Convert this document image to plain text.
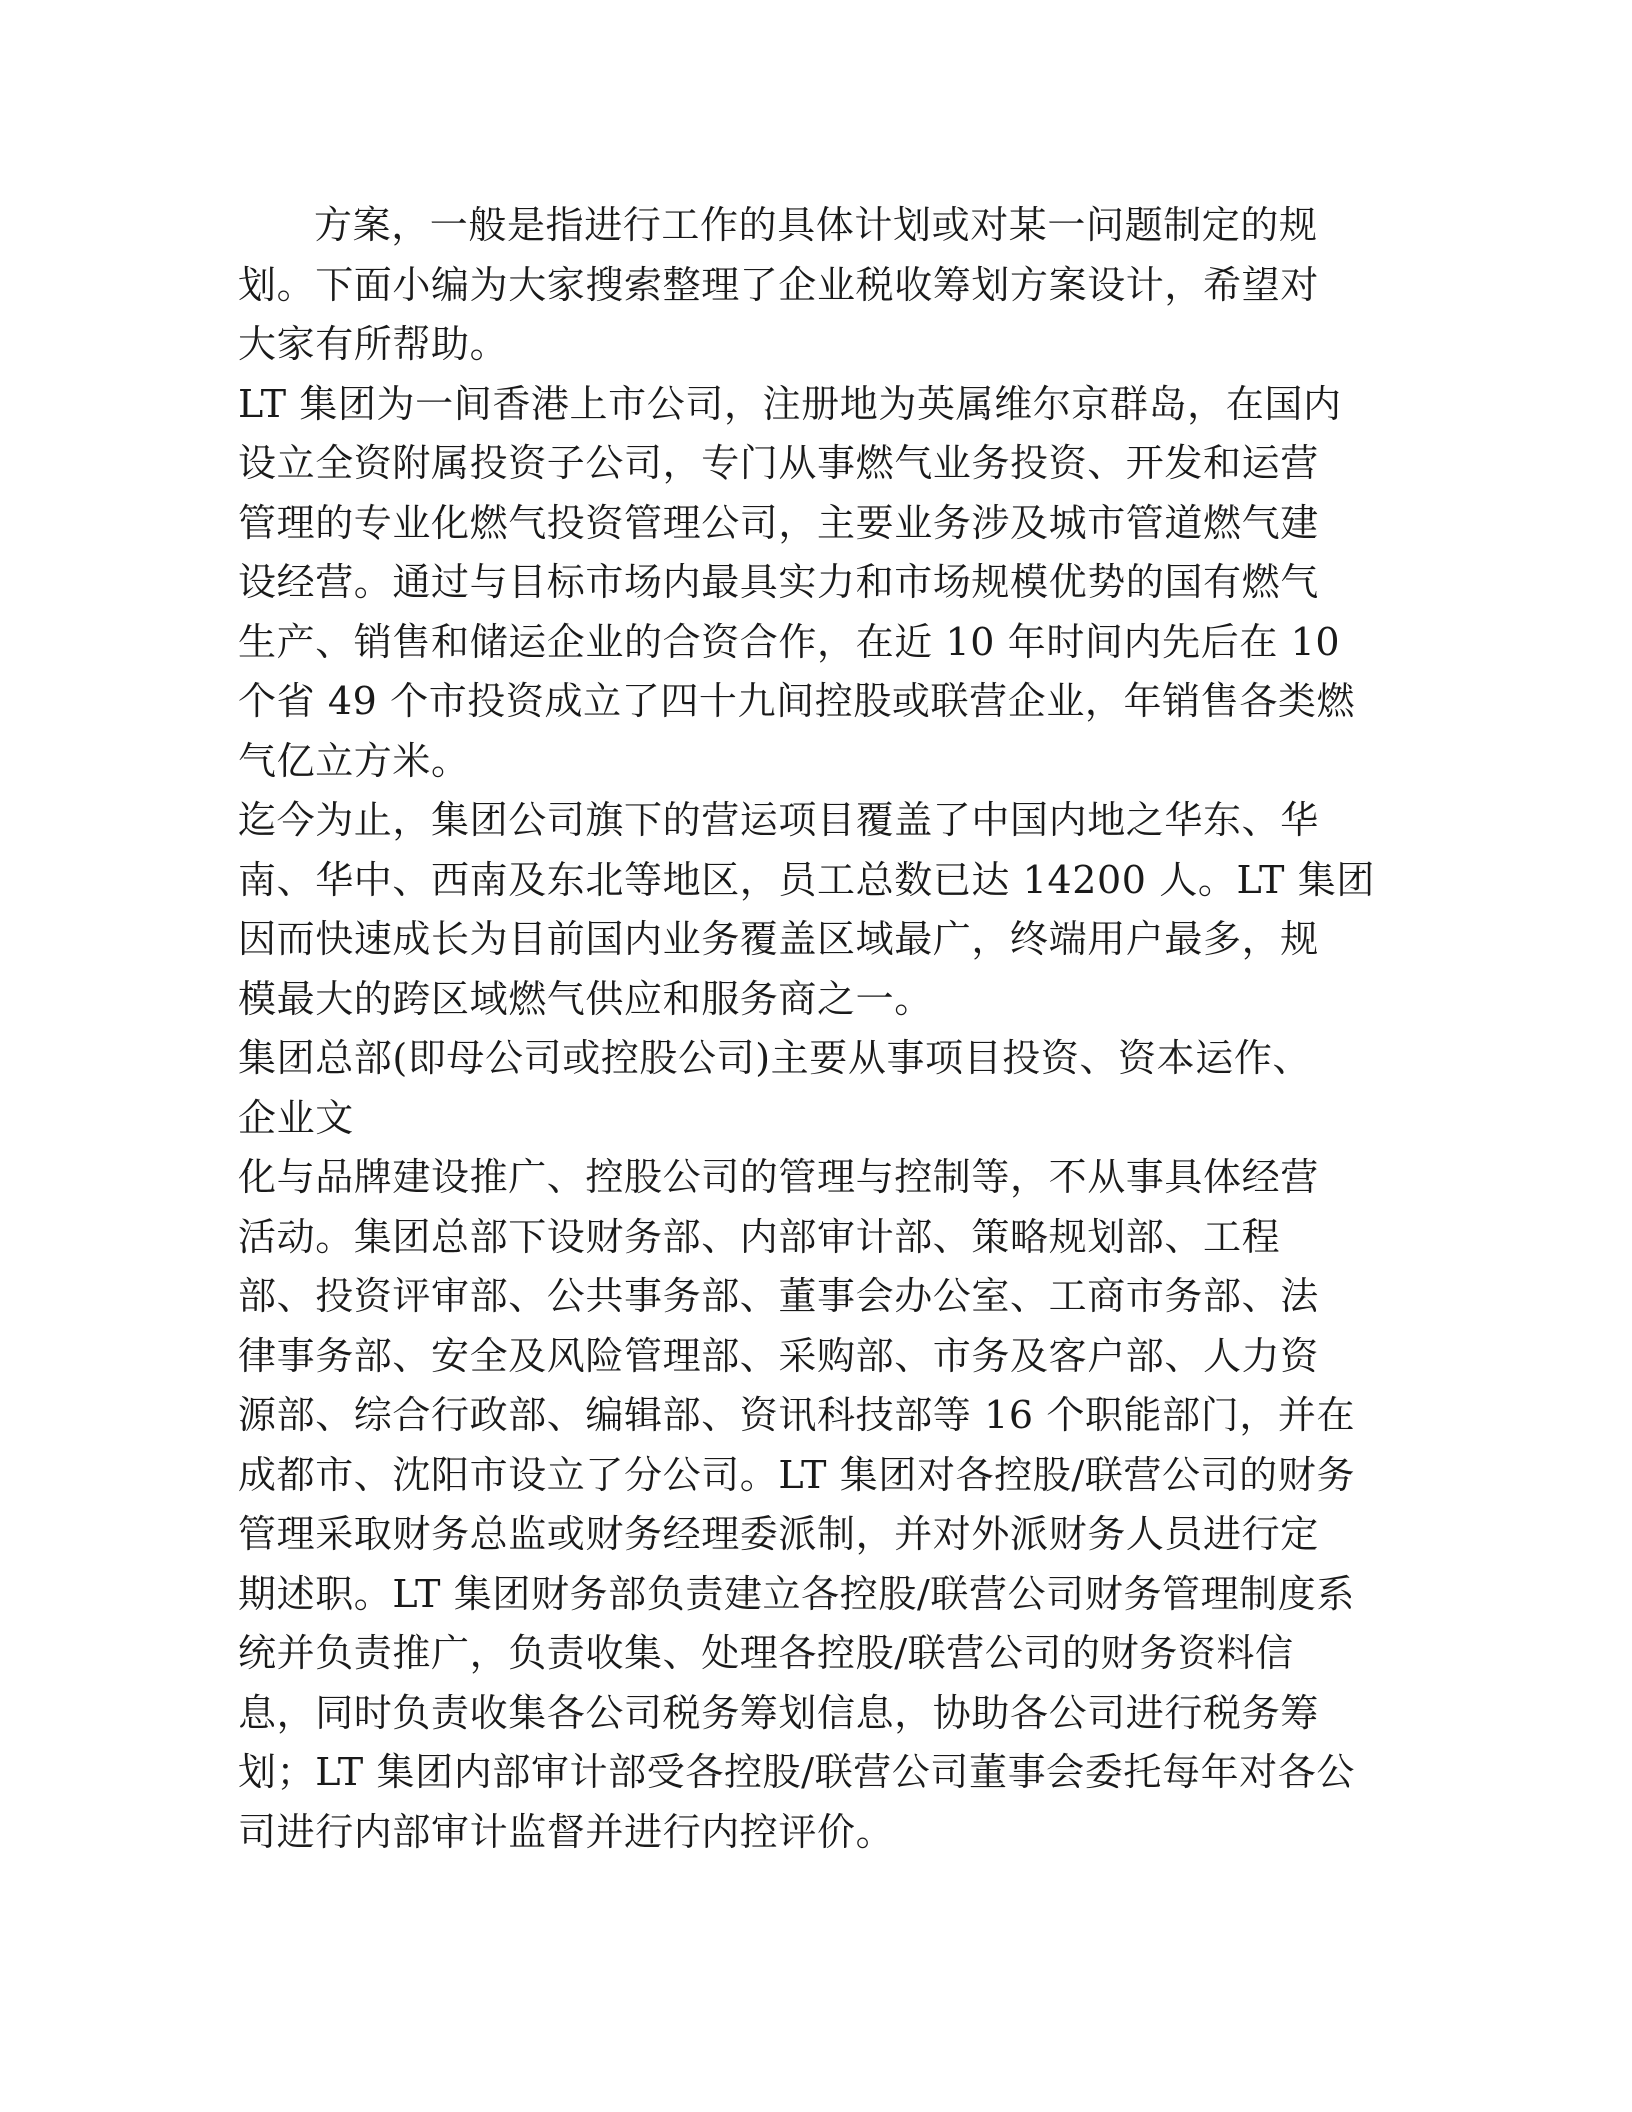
方案，一般是指进行工作的具体计划或对某一问题制定的规
划。下面小编为大家搜索整理了企业税收筹划方案设计，希望对
大家有所帮助。
LT 集团为一间香港上市公司，注册地为英属维尔京群岛，在国内
设立全资附属投资子公司，专门从事燃气业务投资、开发和运营
管理的专业化燃气投资管理公司，主要业务涉及城市管道燃气建
设经营。通过与目标市场内最具实力和市场规模优势的国有燃气
生产、销售和储运企业的合资合作，在近 10 年时间内先后在 10
个省 49 个市投资成立了四十九间控股或联营企业，年销售各类燃
气亿立方米。
迄今为止，集团公司旗下的营运项目覆盖了中国内地之华东、华
南、华中、西南及东北等地区，员工总数已达 14200 人。LT 集团
因而快速成长为目前国内业务覆盖区域最广，终端用户最多，规
模最大的跨区域燃气供应和服务商之一。
集团总部(即母公司或控股公司)主要从事项目投资、资本运作、
企业文
化与品牌建设推广、控股公司的管理与控制等，不从事具体经营
活动。集团总部下设财务部、内部审计部、策略规划部、工程
部、投资评审部、公共事务部、董事会办公室、工商市务部、法
律事务部、安全及风险管理部、采购部、市务及客户部、人力资
源部、综合行政部、编辑部、资讯科技部等 16 个职能部门，并在
成都市、沈阳市设立了分公司。LT 集团对各控股/联营公司的财务
管理采取财务总监或财务经理委派制，并对外派财务人员进行定
期述职。LT 集团财务部负责建立各控股/联营公司财务管理制度系
统并负责推广，负责收集、处理各控股/联营公司的财务资料信
息，同时负责收集各公司税务筹划信息，协助各公司进行税务筹
划；LT 集团内部审计部受各控股/联营公司董事会委托每年对各公
司进行内部审计监督并进行内控评价。
